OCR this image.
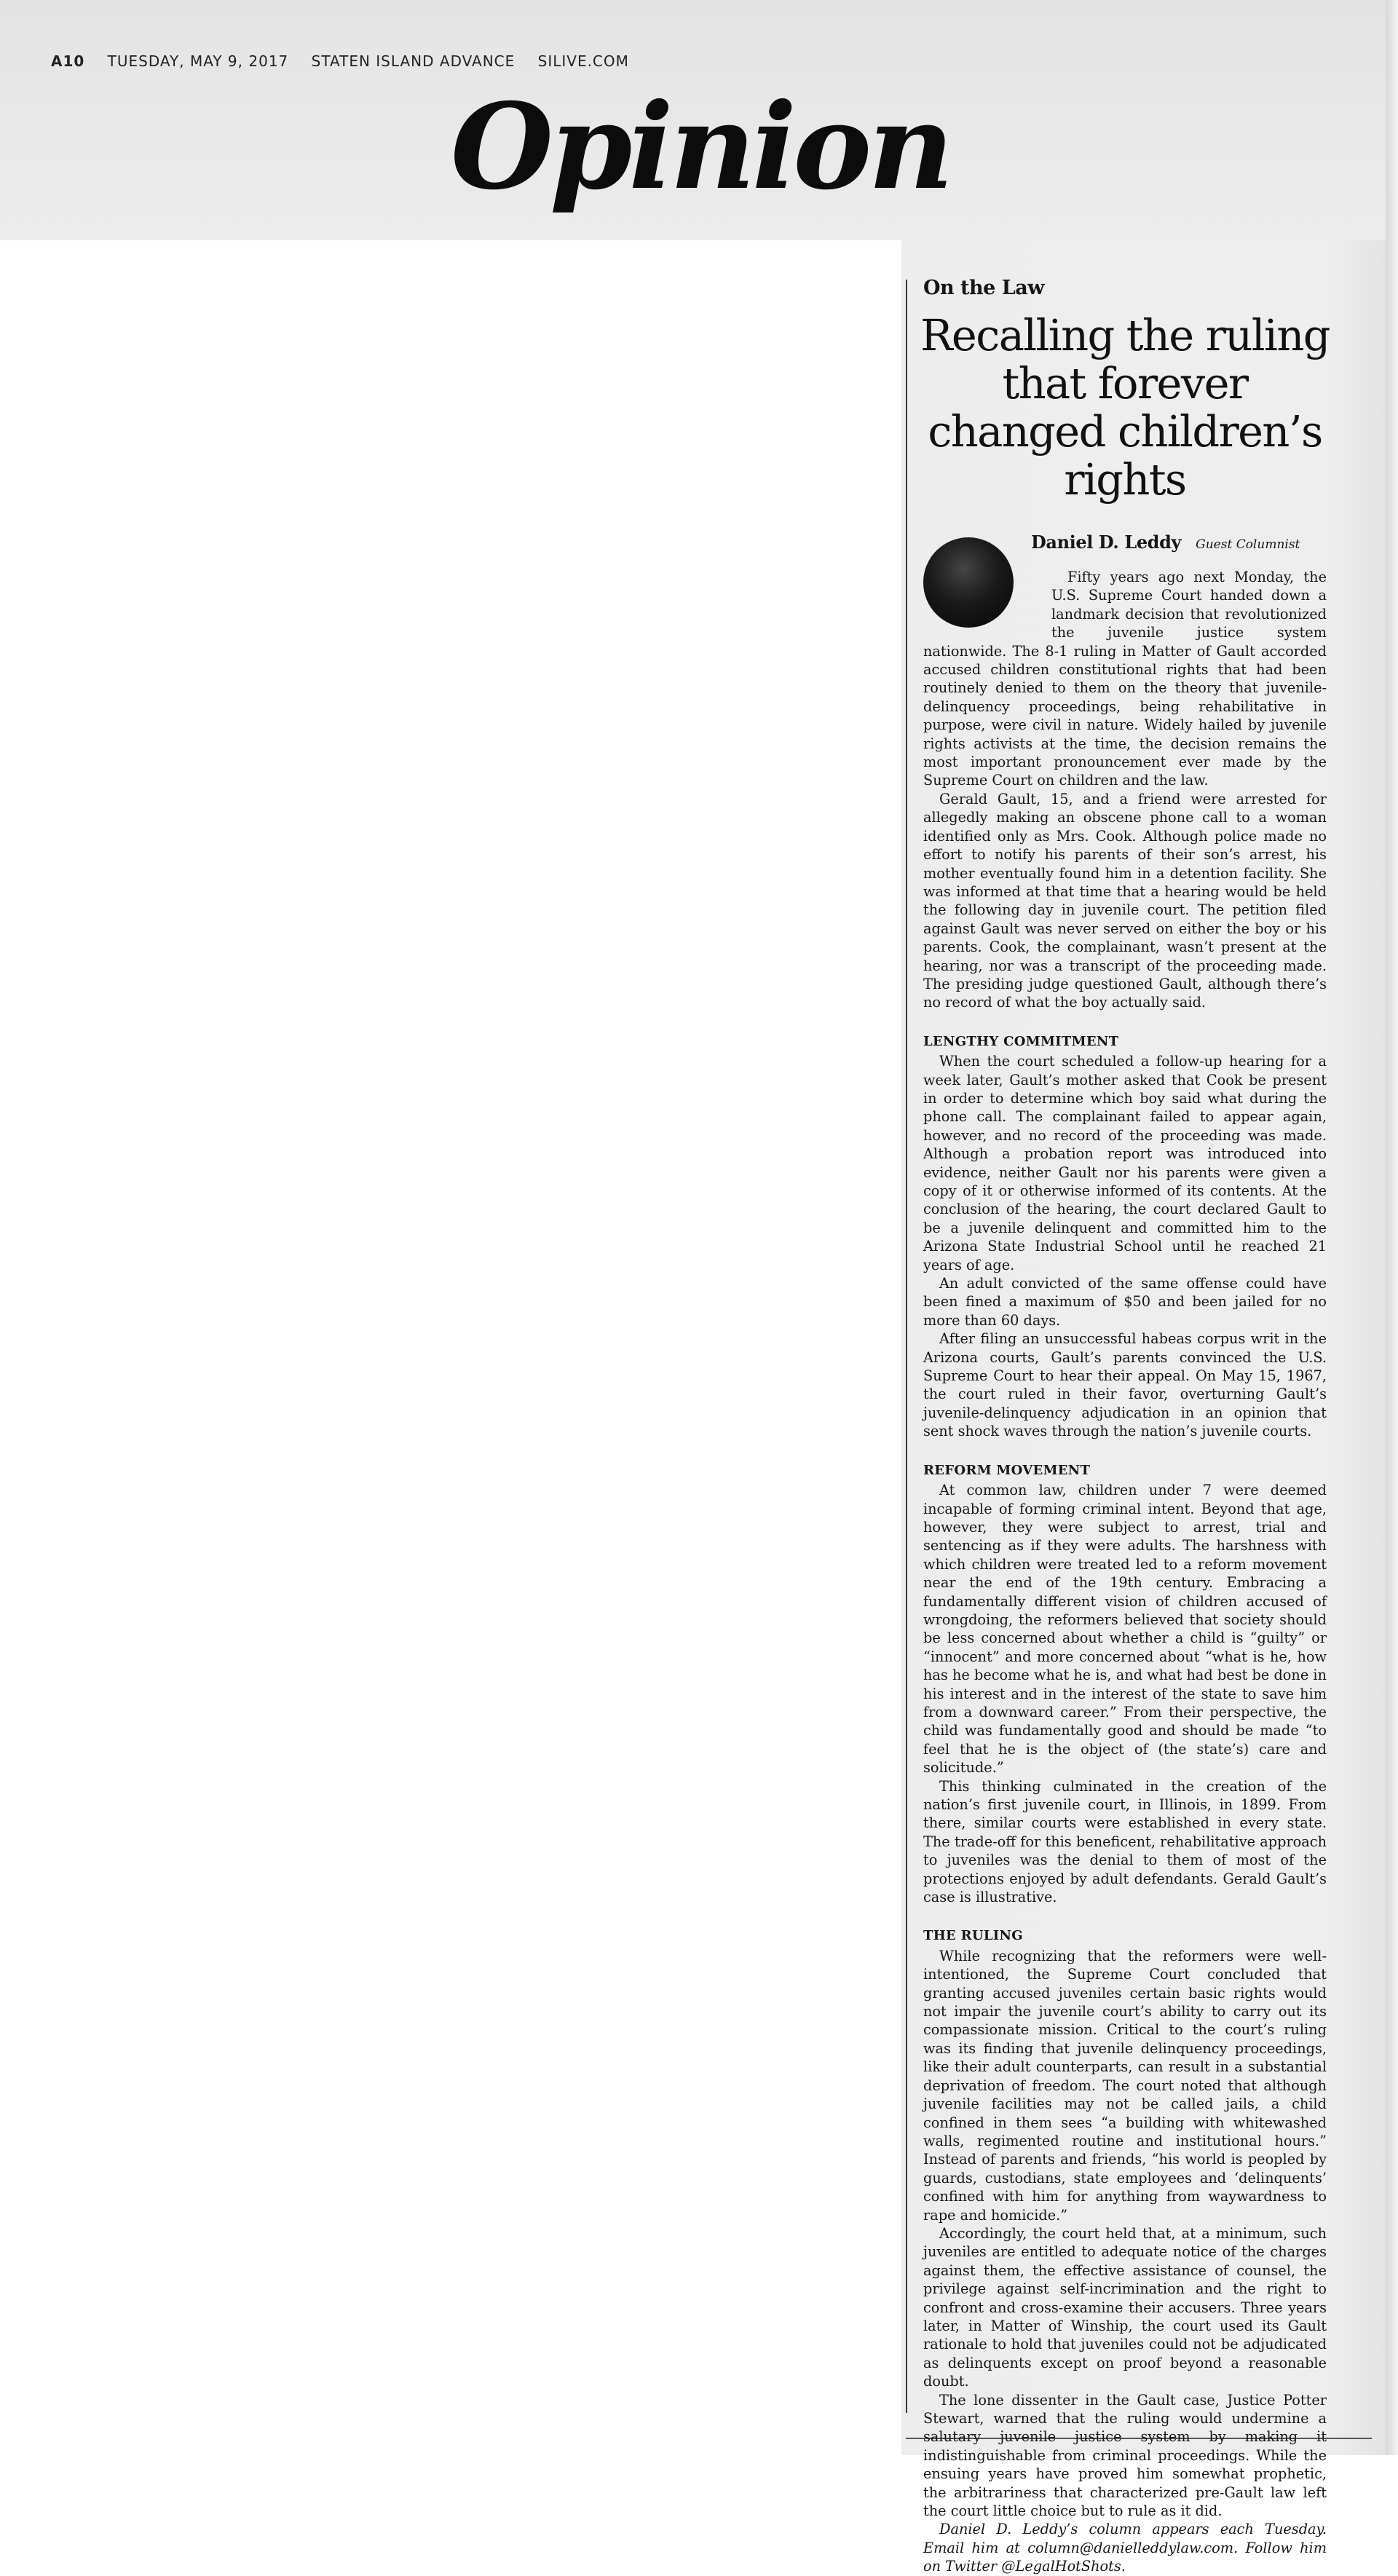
A10 TUESDAY, MAY 9, 2017 STATEN ISLAND ADVANCE SILIVE.COM
Opinion
On the Law
Recalling the ruling that forever changed children’s rights
Daniel D. Leddy Guest Columnist

Fifty years ago next Monday, the U.S. Supreme Court handed down a landmark decision that revolutionized the juvenile justice system nationwide. The 8-1 ruling in Matter of Gault accorded accused children constitutional rights that had been routinely denied to them on the theory that juvenile-delinquency proceedings, being rehabilitative in purpose, were civil in nature. Widely hailed by juvenile rights activists at the time, the decision remains the most important pronouncement ever made by the Supreme Court on children and the law.

Gerald Gault, 15, and a friend were arrested for allegedly making an obscene phone call to a woman identified only as Mrs. Cook. Although police made no effort to notify his parents of their son’s arrest, his mother eventually found him in a detention facility. She was informed at that time that a hearing would be held the following day in juvenile court. The petition filed against Gault was never served on either the boy or his parents. Cook, the complainant, wasn’t present at the hearing, nor was a transcript of the proceeding made. The presiding judge questioned Gault, although there’s no record of what the boy actually said.

LENGTHY COMMITMENT

When the court scheduled a follow-up hearing for a week later, Gault’s mother asked that Cook be present in order to determine which boy said what during the phone call. The complainant failed to appear again, however, and no record of the proceeding was made. Although a probation report was introduced into evidence, neither Gault nor his parents were given a copy of it or otherwise informed of its contents. At the conclusion of the hearing, the court declared Gault to be a juvenile delinquent and committed him to the Arizona State Industrial School until he reached 21 years of age.

An adult convicted of the same offense could have been fined a maximum of $50 and been jailed for no more than 60 days.

After filing an unsuccessful habeas corpus writ in the Arizona courts, Gault’s parents convinced the U.S. Supreme Court to hear their appeal. On May 15, 1967, the court ruled in their favor, overturning Gault’s juvenile-delinquency adjudication in an opinion that sent shock waves through the nation’s juvenile courts.

REFORM MOVEMENT

At common law, children under 7 were deemed incapable of forming criminal intent. Beyond that age, however, they were subject to arrest, trial and sentencing as if they were adults. The harshness with which children were treated led to a reform movement near the end of the 19th century. Embracing a fundamentally different vision of children accused of wrongdoing, the reformers believed that society should be less concerned about whether a child is “guilty” or “innocent” and more concerned about “what is he, how has he become what he is, and what had best be done in his interest and in the interest of the state to save him from a downward career.” From their perspective, the child was fundamentally good and should be made “to feel that he is the object of (the state’s) care and solicitude.”

This thinking culminated in the creation of the nation’s first juvenile court, in Illinois, in 1899. From there, similar courts were established in every state. The trade-off for this beneficent, rehabilitative approach to juveniles was the denial to them of most of the protections enjoyed by adult defendants. Gerald Gault’s case is illustrative.

THE RULING

While recognizing that the reformers were well-intentioned, the Supreme Court concluded that granting accused juveniles certain basic rights would not impair the juvenile court’s ability to carry out its compassionate mission. Critical to the court’s ruling was its finding that juvenile delinquency proceedings, like their adult counterparts, can result in a substantial deprivation of freedom. The court noted that although juvenile facilities may not be called jails, a child confined in them sees “a building with whitewashed walls, regimented routine and institutional hours.” Instead of parents and friends, “his world is peopled by guards, custodians, state employees and ‘delinquents’ confined with him for anything from waywardness to rape and homicide.”

Accordingly, the court held that, at a minimum, such juveniles are entitled to adequate notice of the charges against them, the effective assistance of counsel, the privilege against self-incrimination and the right to confront and cross-examine their accusers. Three years later, in Matter of Winship, the court used its Gault rationale to hold that juveniles could not be adjudicated as delinquents except on proof beyond a reasonable doubt.

The lone dissenter in the Gault case, Justice Potter Stewart, warned that the ruling would undermine a salutary juvenile justice system by making it indistinguishable from criminal proceedings. While the ensuing years have proved him somewhat prophetic, the arbitrariness that characterized pre-Gault law left the court little choice but to rule as it did.

Daniel D. Leddy’s column appears each Tuesday. Email him at column@danielleddylaw.com. Follow him on Twitter @LegalHotShots.
